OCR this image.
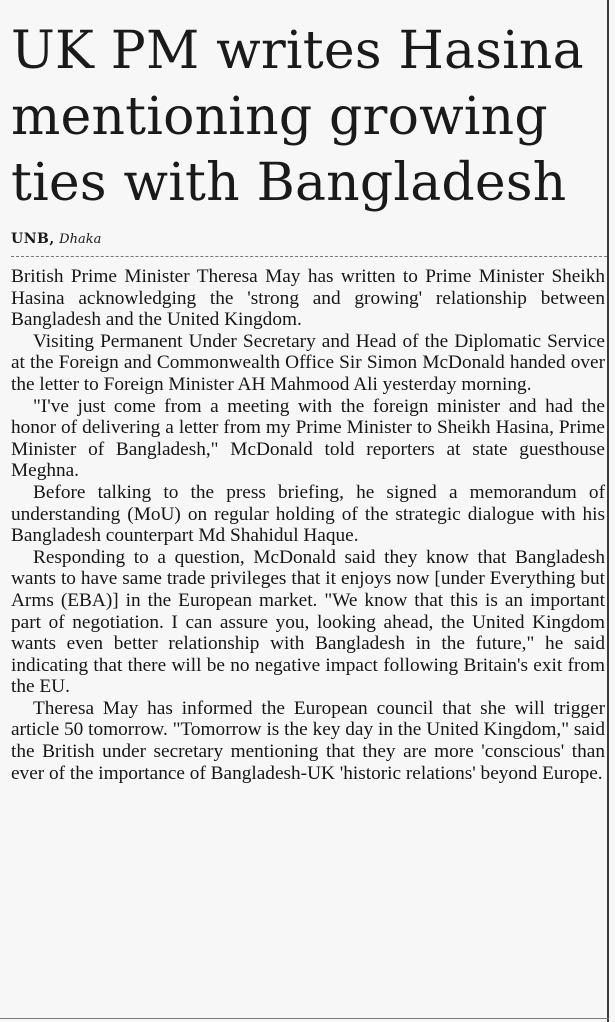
UK PM writes Hasina
mentioning growing
ties with Bangladesh
UNB, Dhaka

British Prime Minister Theresa May has written to Prime Minister Sheikh Hasina acknowledging the 'strong and growing' relationship between Bangladesh and the United Kingdom.

Visiting Permanent Under Secretary and Head of the Diplomatic Service at the Foreign and Commonwealth Office Sir Simon McDonald handed over the letter to Foreign Minister AH Mahmood Ali yesterday morning.

"I've just come from a meeting with the foreign minister and had the honor of delivering a letter from my Prime Minister to Sheikh Hasina, Prime Minister of Bangladesh," McDonald told reporters at state guesthouse Meghna.

Before talking to the press briefing, he signed a memorandum of understanding (MoU) on regular holding of the strategic dialogue with his Bangladesh counterpart Md Shahidul Haque.

Responding to a question, McDonald said they know that Bangladesh wants to have same trade privileges that it enjoys now [under Everything but Arms (EBA)] in the European market. "We know that this is an important part of negotiation. I can assure you, looking ahead, the United Kingdom wants even better relationship with Bangladesh in the future," he said indicating that there will be no negative impact following Britain's exit from the EU.

Theresa May has informed the European council that she will trigger article 50 tomorrow. "Tomorrow is the key day in the United Kingdom," said the British under secretary mentioning that they are more 'conscious' than ever of the importance of Bangladesh-UK 'historic relations' beyond Europe.
